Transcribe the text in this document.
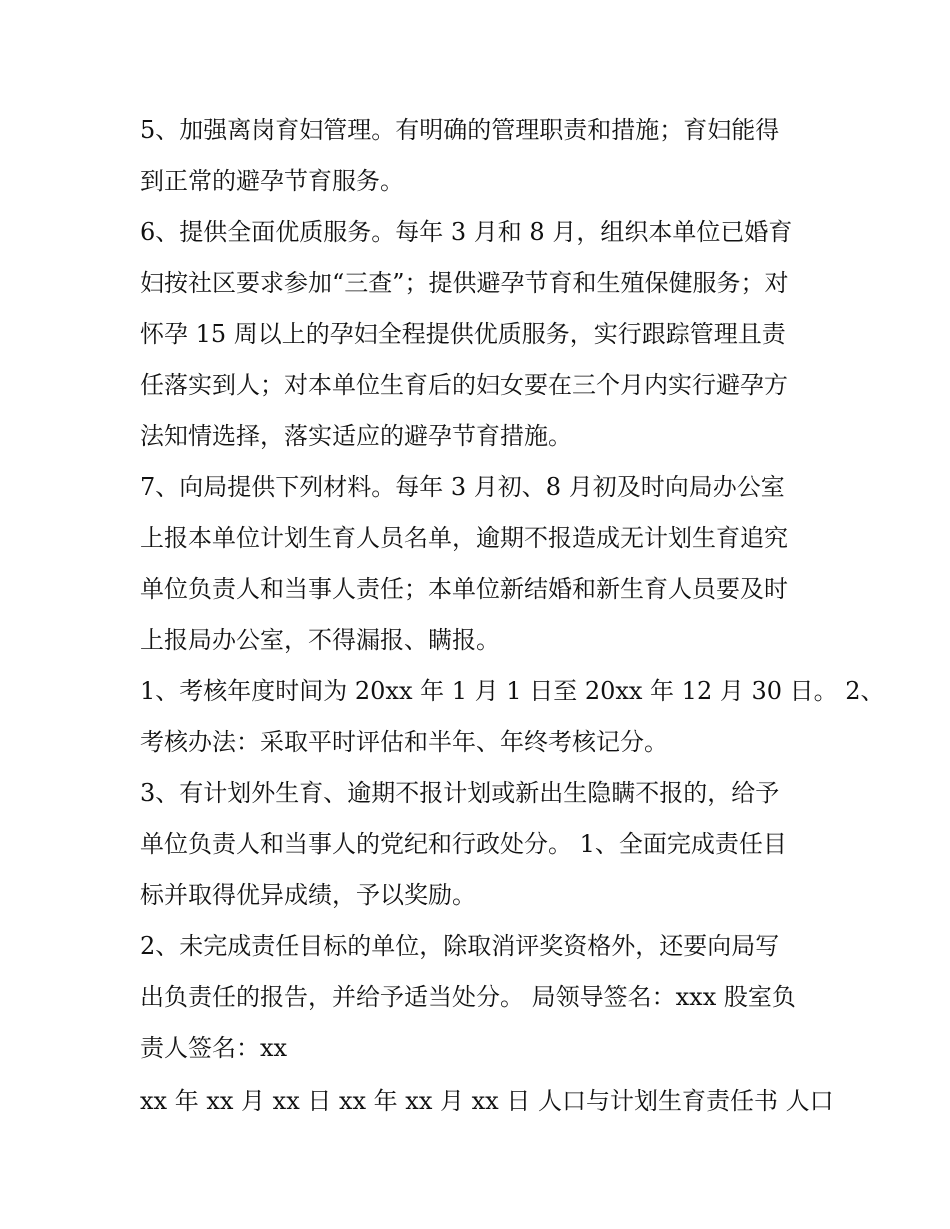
5、加强离岗育妇管理。有明确的管理职责和措施；育妇能得
到正常的避孕节育服务。
6、提供全面优质服务。每年 3 月和 8 月，组织本单位已婚育
妇按社区要求参加“三查”；提供避孕节育和生殖保健服务；对
怀孕 15 周以上的孕妇全程提供优质服务，实行跟踪管理且责
任落实到人；对本单位生育后的妇女要在三个月内实行避孕方
法知情选择，落实适应的避孕节育措施。
7、向局提供下列材料。每年 3 月初、8 月初及时向局办公室
上报本单位计划生育人员名单，逾期不报造成无计划生育追究
单位负责人和当事人责任；本单位新结婚和新生育人员要及时
上报局办公室，不得漏报、瞒报。
1、考核年度时间为 20xx 年 1 月 1 日至 20xx 年 12 月 30 日。 2、
考核办法：采取平时评估和半年、年终考核记分。
3、有计划外生育、逾期不报计划或新出生隐瞒不报的，给予
单位负责人和当事人的党纪和行政处分。 1、全面完成责任目
标并取得优异成绩，予以奖励。
2、未完成责任目标的单位，除取消评奖资格外，还要向局写
出负责任的报告，并给予适当处分。 局领导签名：xxx 股室负
责人签名：xx
xx 年 xx 月 xx 日 xx 年 xx 月 xx 日 人口与计划生育责任书 人口
